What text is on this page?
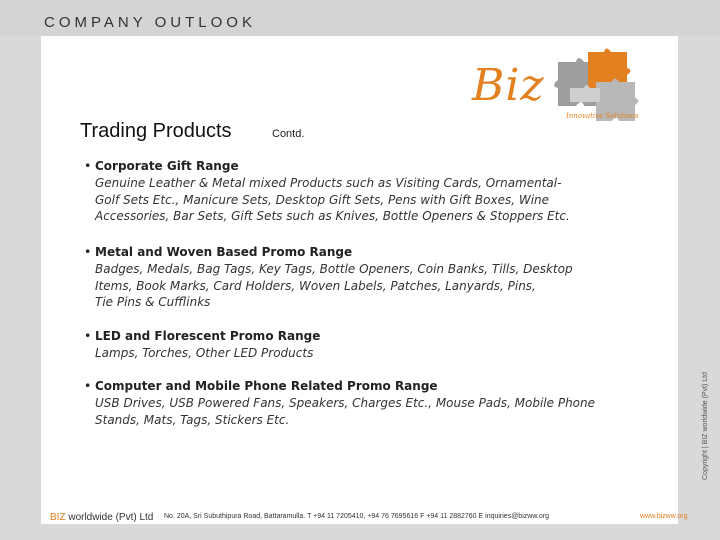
COMPANY OUTLOOK
Biz
Innovative Solutions
Trading Products	Contd.
• Corporate Gift Range
Genuine Leather & Metal mixed Products such as Visiting Cards, Ornamental-
Golf Sets Etc., Manicure Sets, Desktop Gift Sets, Pens with Gift Boxes, Wine
Accessories, Bar Sets, Gift Sets such as Knives, Bottle Openers & Stoppers Etc.
• Metal and Woven Based Promo Range
Badges, Medals, Bag Tags, Key Tags, Bottle Openers, Coin Banks, Tills, Desktop
Items, Book Marks, Card Holders, Woven Labels, Patches, Lanyards, Pins,
Tie Pins & Cufflinks
• LED and Florescent Promo Range
Lamps, Torches, Other LED Products
• Computer and Mobile Phone Related Promo Range
USB Drives, USB Powered Fans, Speakers, Charges Etc., Mouse Pads, Mobile Phone
Stands, Mats, Tags, Stickers Etc.
BIZ worldwide (Pvt) Ltd No. 20A, Sri Subuthipura Road, Battaramulla. T +94 11 7205410, +94 76 7695616 F +94 11 2882760 E inquiries@bizww.org	www.bizww.org
Copyright | BIZ worldwide (Pvt) Ltd
